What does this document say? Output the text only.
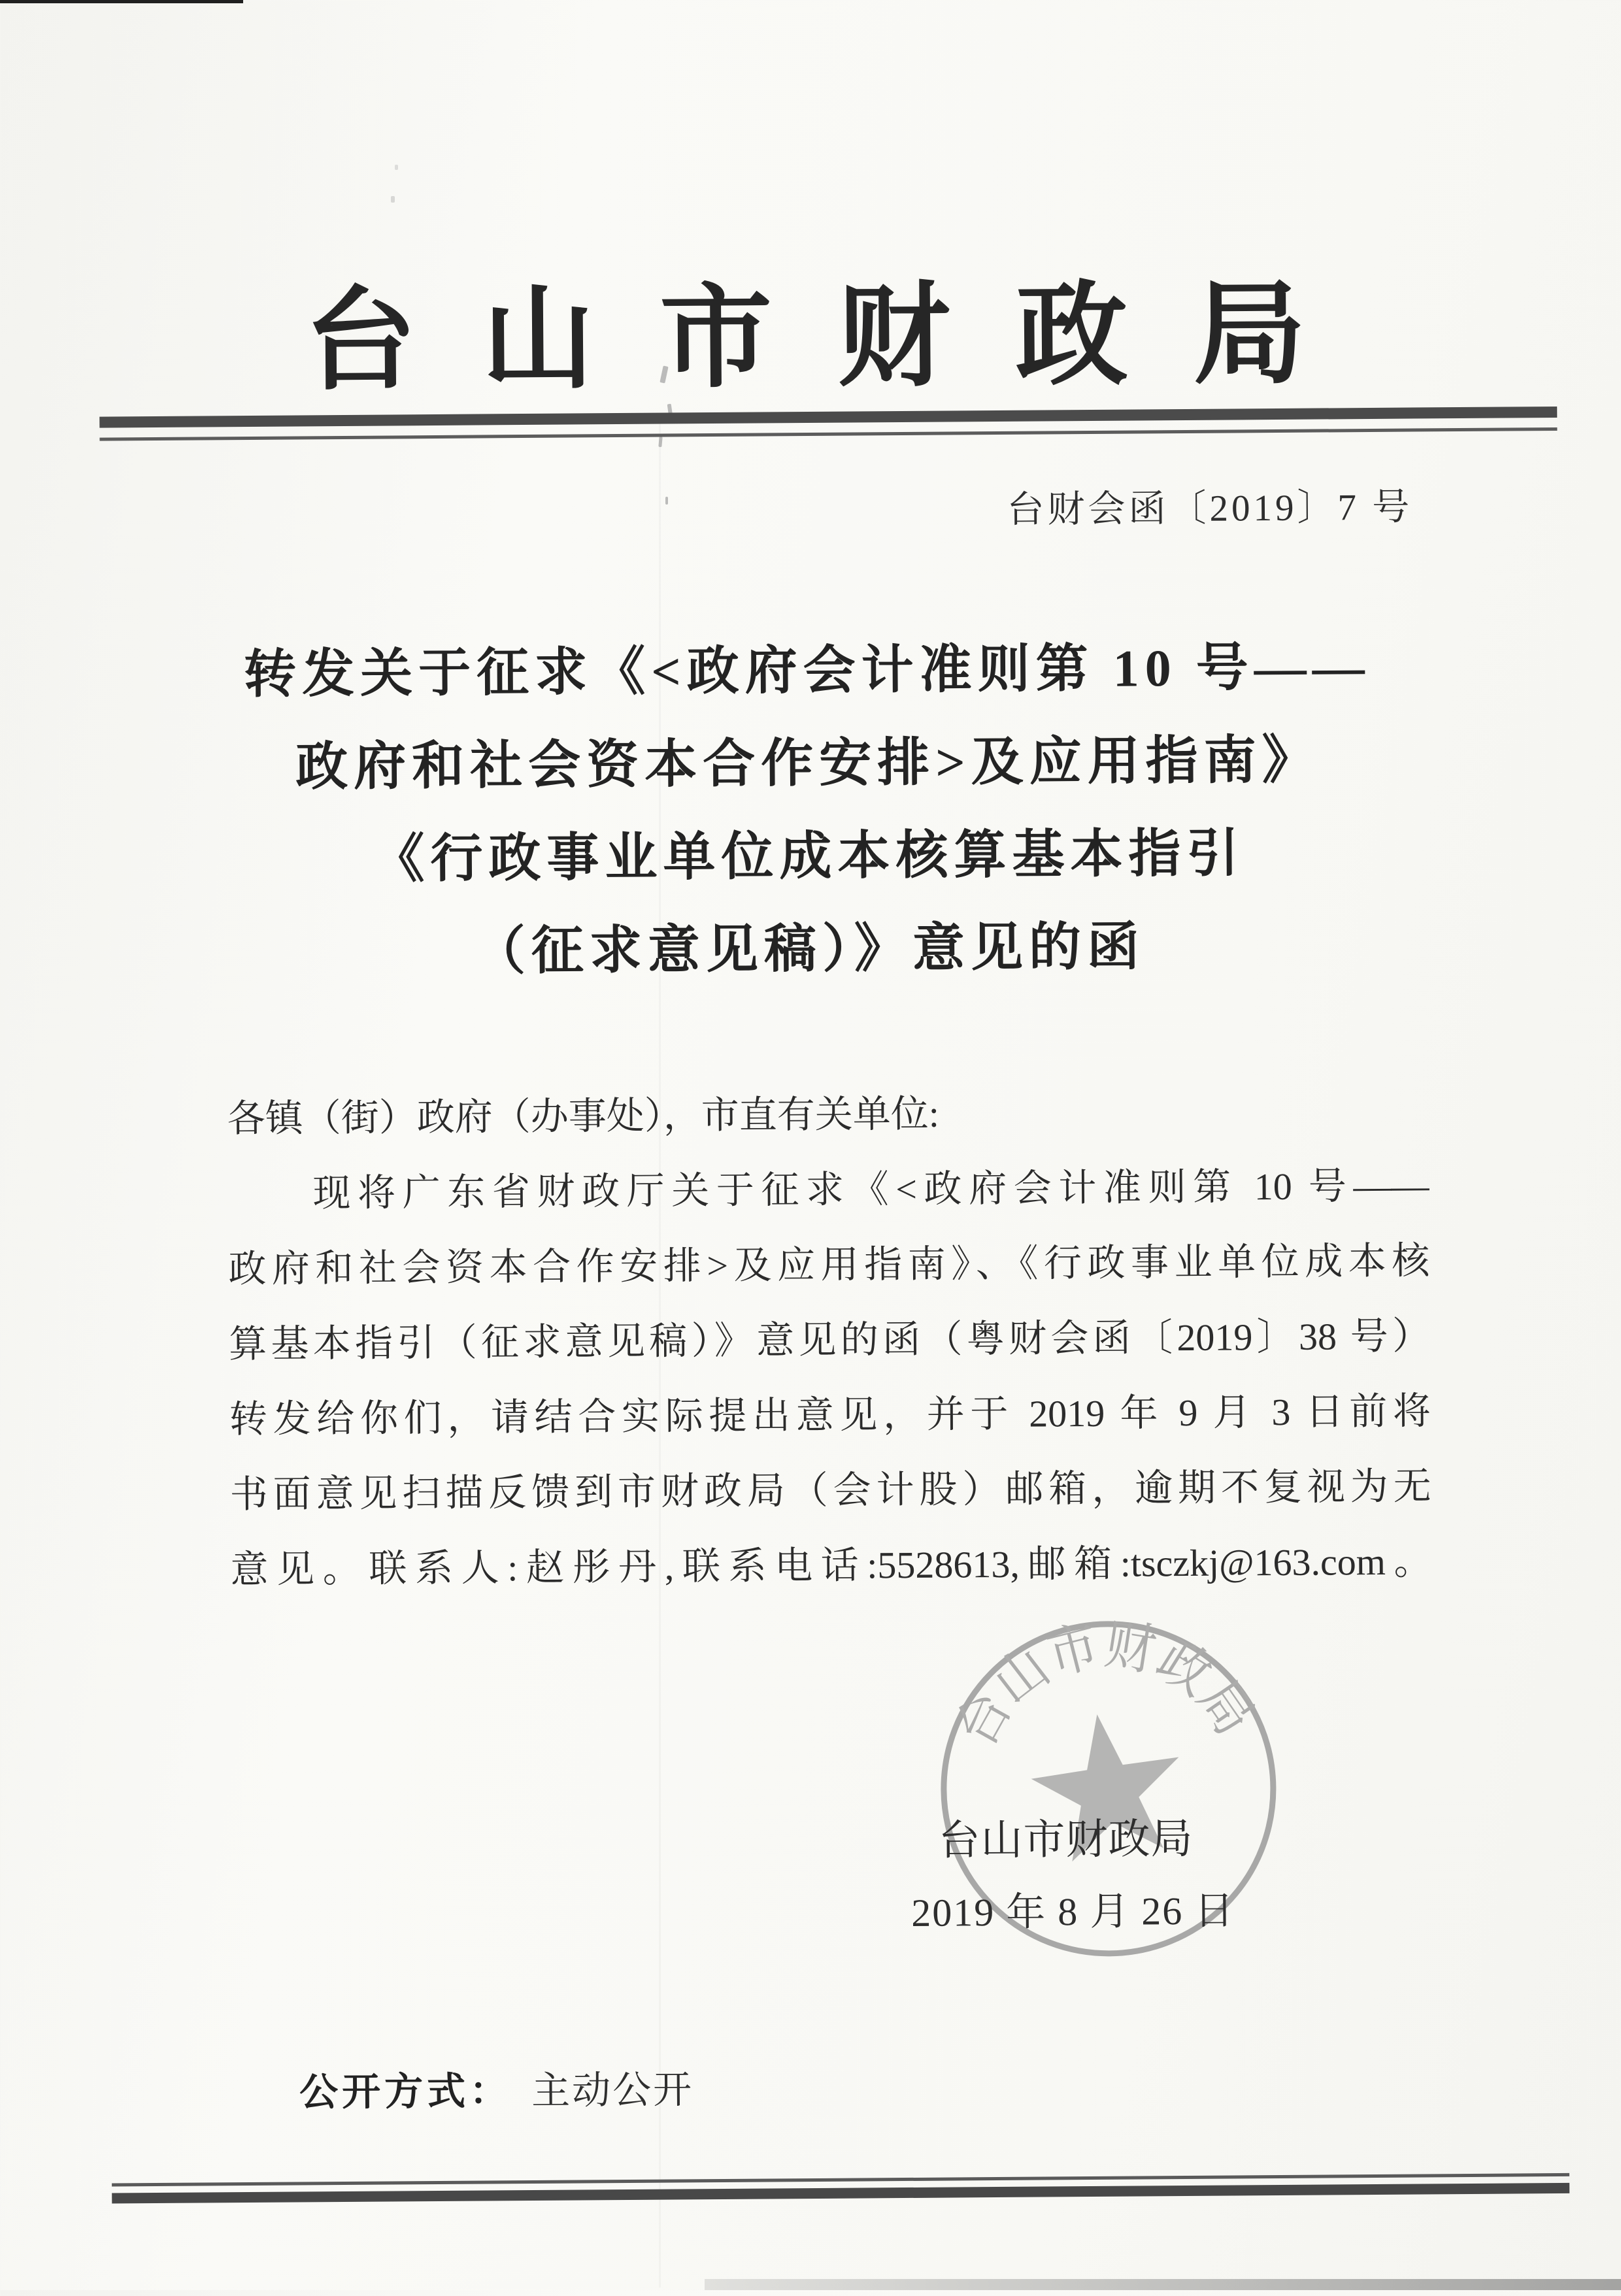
台山市财政局
台财会函〔2019〕7 号
转发关于征求《<政府会计准则第 10 号——
政府和社会资本合作安排>及应用指南》
《行政事业单位成本核算基本指引
（征求意见稿）》意见的函
各镇（街）政府（办事处），市直有关单位:
现将广东省财政厅关于征求《<政府会计准则第 10 号——
政府和社会资本合作安排>及应用指南》、《行政事业单位成本核
算基本指引（征求意见稿）》意见的函（粤财会函〔2019〕38 号）
转发给你们，请结合实际提出意见，并于 2019 年 9 月 3 日前将
书面意见扫描反馈到市财政局（会计股）邮箱，逾期不复视为无
意见。联系人:赵彤丹,联系电话:5528613,邮箱:tsczkj@163.com。
台山市财政局
台山市财政局
2019 年 8 月 26 日
公开方式： 主动公开
